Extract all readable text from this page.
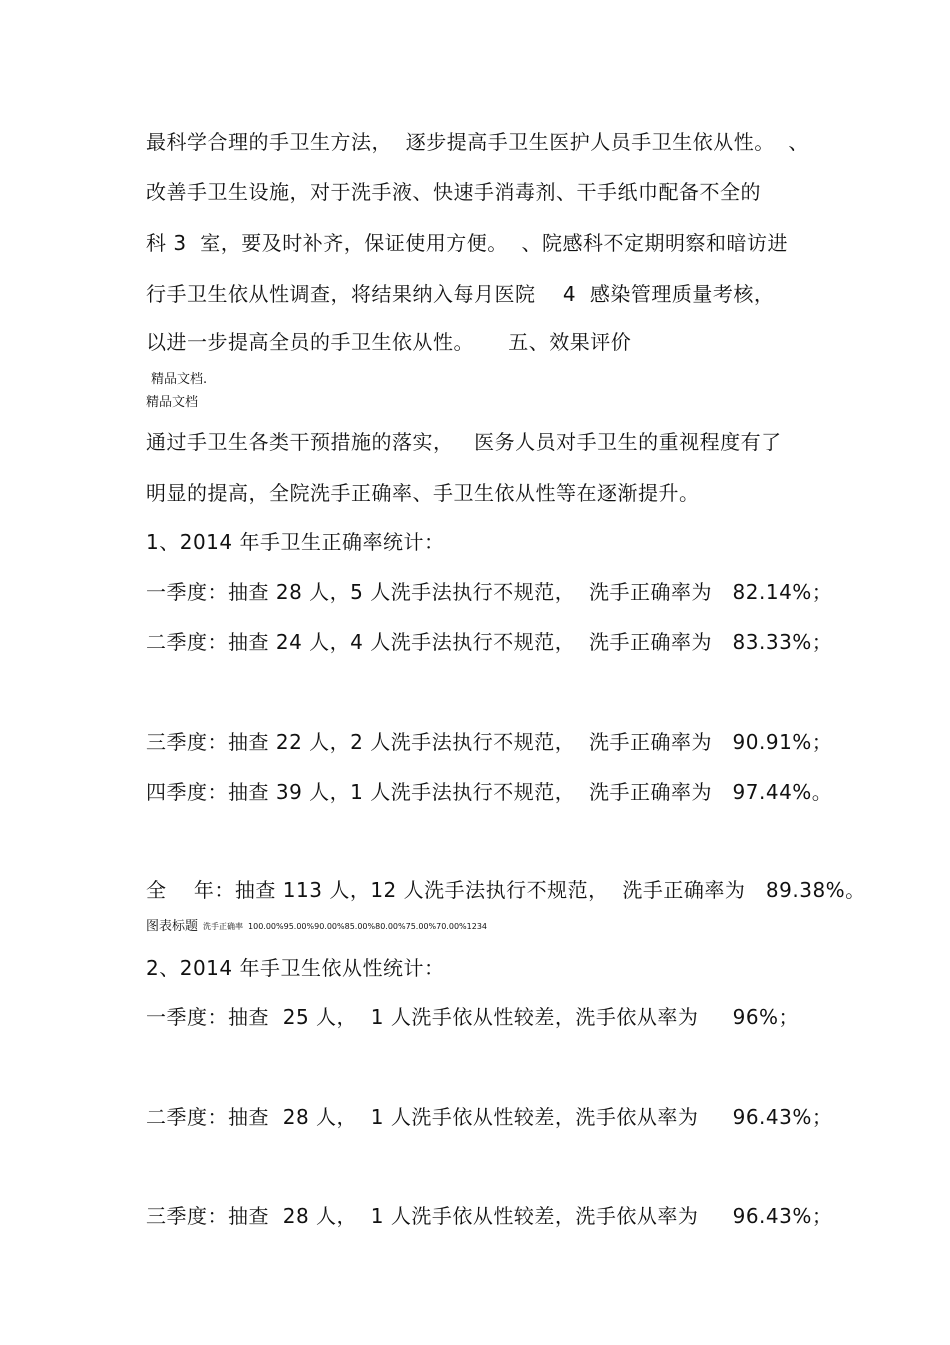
最科学合理的手卫生方法，  逐步提高手卫生医护人员手卫生依从性。  、
改善手卫生设施，对于洗手液、快速手消毒剂、干手纸巾配备不全的
科 3  室，要及时补齐，保证使用方便。  、院感科不定期明察和暗访进
行手卫生依从性调查，将结果纳入每月医院    4  感染管理质量考核，
以进一步提高全员的手卫生依从性。     五、效果评价
精品文档.
精品文档
通过手卫生各类干预措施的落实，   医务人员对手卫生的重视程度有了
明显的提高，全院洗手正确率、手卫生依从性等在逐渐提升。
1、2014 年手卫生正确率统计：
一季度：抽查 28 人，5 人洗手法执行不规范，  洗手正确率为   82.14%；
二季度：抽查 24 人，4 人洗手法执行不规范，  洗手正确率为   83.33%；
三季度：抽查 22 人，2 人洗手法执行不规范，  洗手正确率为   90.91%；
四季度：抽查 39 人，1 人洗手法执行不规范，  洗手正确率为   97.44%。
全    年：抽查 113 人，12 人洗手法执行不规范，  洗手正确率为   89.38%。
图表标题 洗手正确率 100.00%95.00%90.00%85.00%80.00%75.00%70.00%1234
2、2014 年手卫生依从性统计：
一季度：抽查  25 人，  1 人洗手依从性较差，洗手依从率为     96%；
二季度：抽查  28 人，  1 人洗手依从性较差，洗手依从率为     96.43%；
三季度：抽查  28 人，  1 人洗手依从性较差，洗手依从率为     96.43%；
